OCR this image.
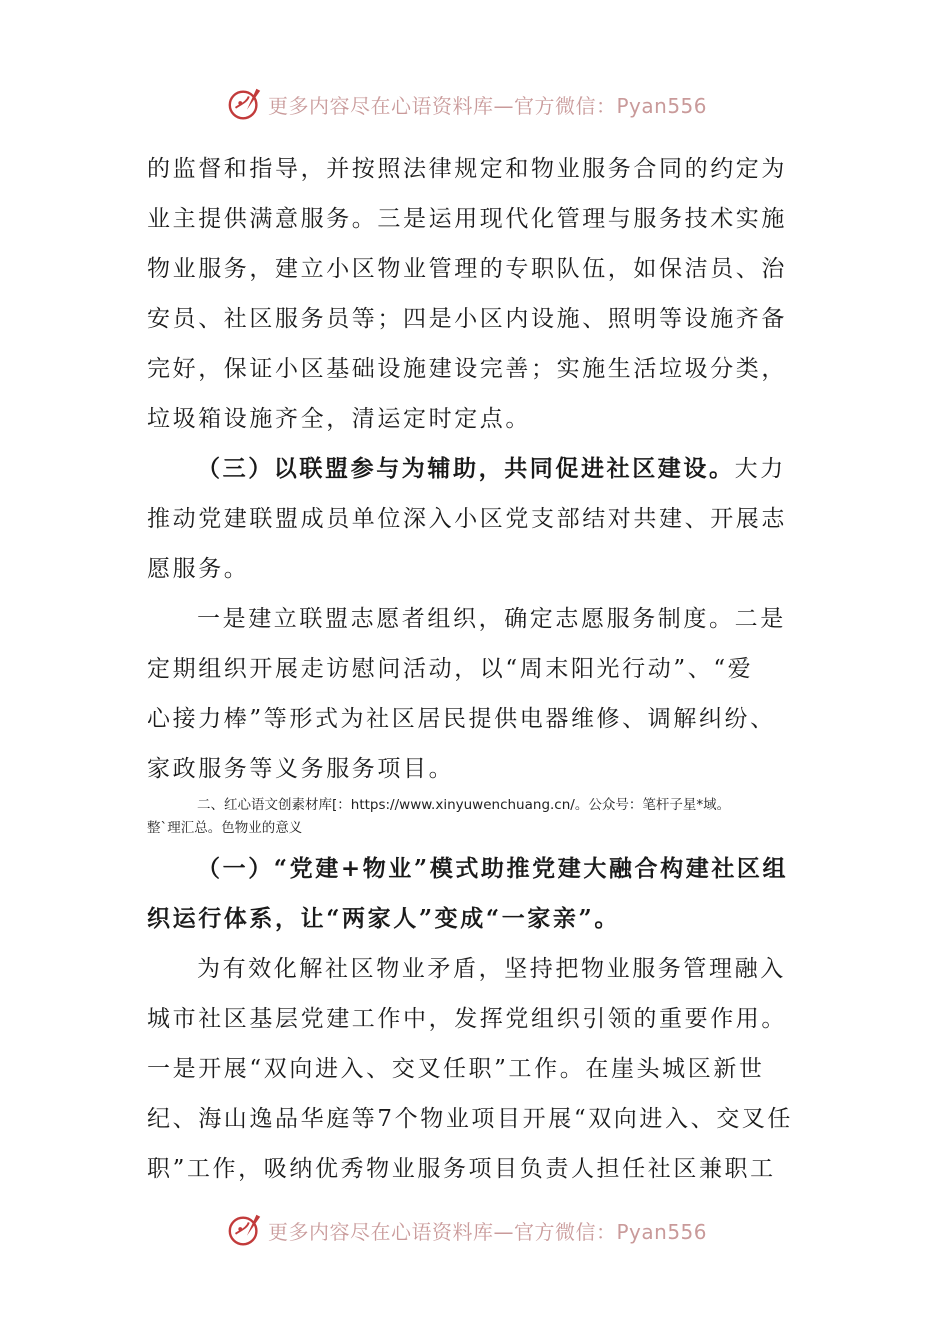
更多内容尽在心语资料库—官方微信：Pyan556
的监督和指导，并按照法律规定和物业服务合同的约定为
业主提供满意服务。三是运用现代化管理与服务技术实施
物业服务，建立小区物业管理的专职队伍，如保洁员、治
安员、社区服务员等；四是小区内设施、照明等设施齐备
完好，保证小区基础设施建设完善；实施生活垃圾分类，
垃圾箱设施齐全，清运定时定点。
（三）以联盟参与为辅助，共同促进社区建设。大力
推动党建联盟成员单位深入小区党支部结对共建、开展志
愿服务。
一是建立联盟志愿者组织，确定志愿服务制度。二是
定期组织开展走访慰问活动，以“周末阳光行动”、“爱
心接力棒”等形式为社区居民提供电器维修、调解纠纷、
家政服务等义务服务项目。
二、红心语文创素材库[：https://www.xinyuwenchuang.cn/。公众号：笔杆子星*域。
整`理汇总。色物业的意义
（一）“党建+物业”模式助推党建大融合构建社区组
织运行体系，让“两家人”变成“一家亲”。
为有效化解社区物业矛盾，坚持把物业服务管理融入
城市社区基层党建工作中，发挥党组织引领的重要作用。
一是开展“双向进入、交叉任职”工作。在崖头城区新世
纪、海山逸品华庭等7个物业项目开展“双向进入、交叉任
职”工作，吸纳优秀物业服务项目负责人担任社区兼职工
更多内容尽在心语资料库—官方微信：Pyan556
